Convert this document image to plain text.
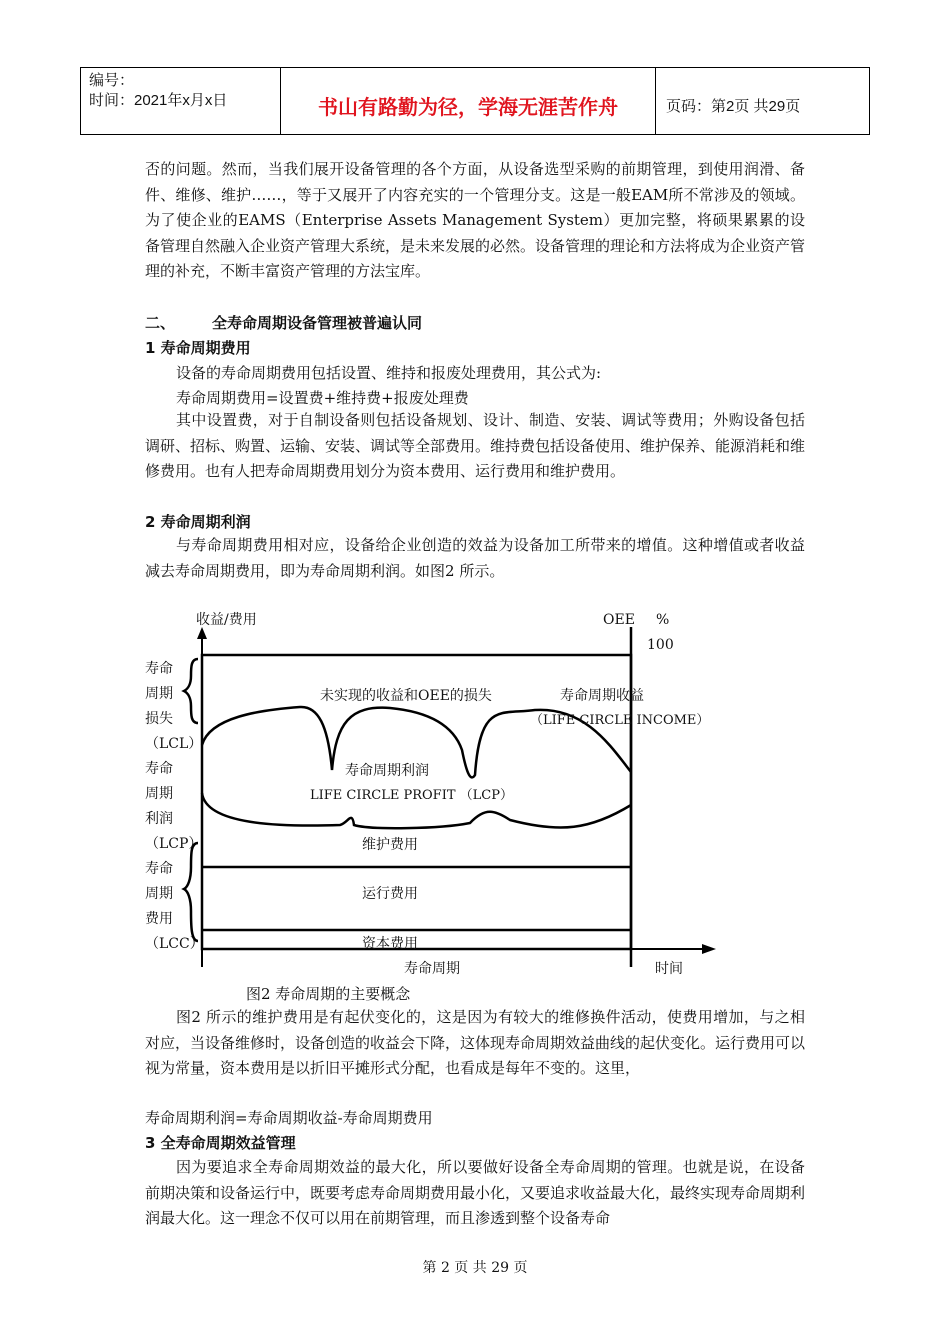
编号：
时间：2021年x月x日	书山有路勤为径，学海无涯苦作舟	页码：第2页 共29页

否的问题。然而，当我们展开设备管理的各个方面，从设备选型采购的前期管理，到使用润滑、备件、维修、维护……，等于又展开了内容充实的一个管理分支。这是一般EAM所不常涉及的领域。为了使企业的EAMS（Enterprise Assets Management System）更加完整，将硕果累累的设备管理自然融入企业资产管理大系统，是未来发展的必然。设备管理的理论和方法将成为企业资产管理的补充，不断丰富资产管理的方法宝库。

二、 全寿命周期设备管理被普遍认同
1 寿命周期费用

设备的寿命周期费用包括设置、维持和报废处理费用，其公式为:

寿命周期费用=设置费+维持费+报废处理费

其中设置费，对于自制设备则包括设备规划、设计、制造、安装、调试等费用；外购设备包括调研、招标、购置、运输、安装、调试等全部费用。维持费包括设备使用、维护保养、能源消耗和维修费用。也有人把寿命周期费用划分为资本费用、运行费用和维护费用。

2 寿命周期利润

与寿命周期费用相对应，设备给企业创造的效益为设备加工所带来的增值。这种增值或者收益减去寿命周期费用，即为寿命周期利润。如图2 所示。

收益/费用	OEE %
100
寿命
周期
损失
（LCL）
寿命
周期
利润
（LCP）
寿命
周期
费用
（LCC）
未实现的收益和OEE的损失	寿命周期收益
（LIFE CIRCLE INCOME）
寿命周期利润
LIFE CIRCLE PROFIT （LCP）
维护费用
运行费用
资本费用
寿命周期	时间
图2 寿命周期的主要概念

图2 所示的维护费用是有起伏变化的，这是因为有较大的维修换件活动，使费用增加，与之相对应，当设备维修时，设备创造的收益会下降，这体现寿命周期效益曲线的起伏变化。运行费用可以视为常量，资本费用是以折旧平摊形式分配，也看成是每年不变的。这里，

寿命周期利润=寿命周期收益-寿命周期费用

3 全寿命周期效益管理

因为要追求全寿命周期效益的最大化，所以要做好设备全寿命周期的管理。也就是说，在设备前期决策和设备运行中，既要考虑寿命周期费用最小化，又要追求收益最大化，最终实现寿命周期利润最大化。这一理念不仅可以用在前期管理，而且渗透到整个设备寿命

第 2 页 共 29 页
